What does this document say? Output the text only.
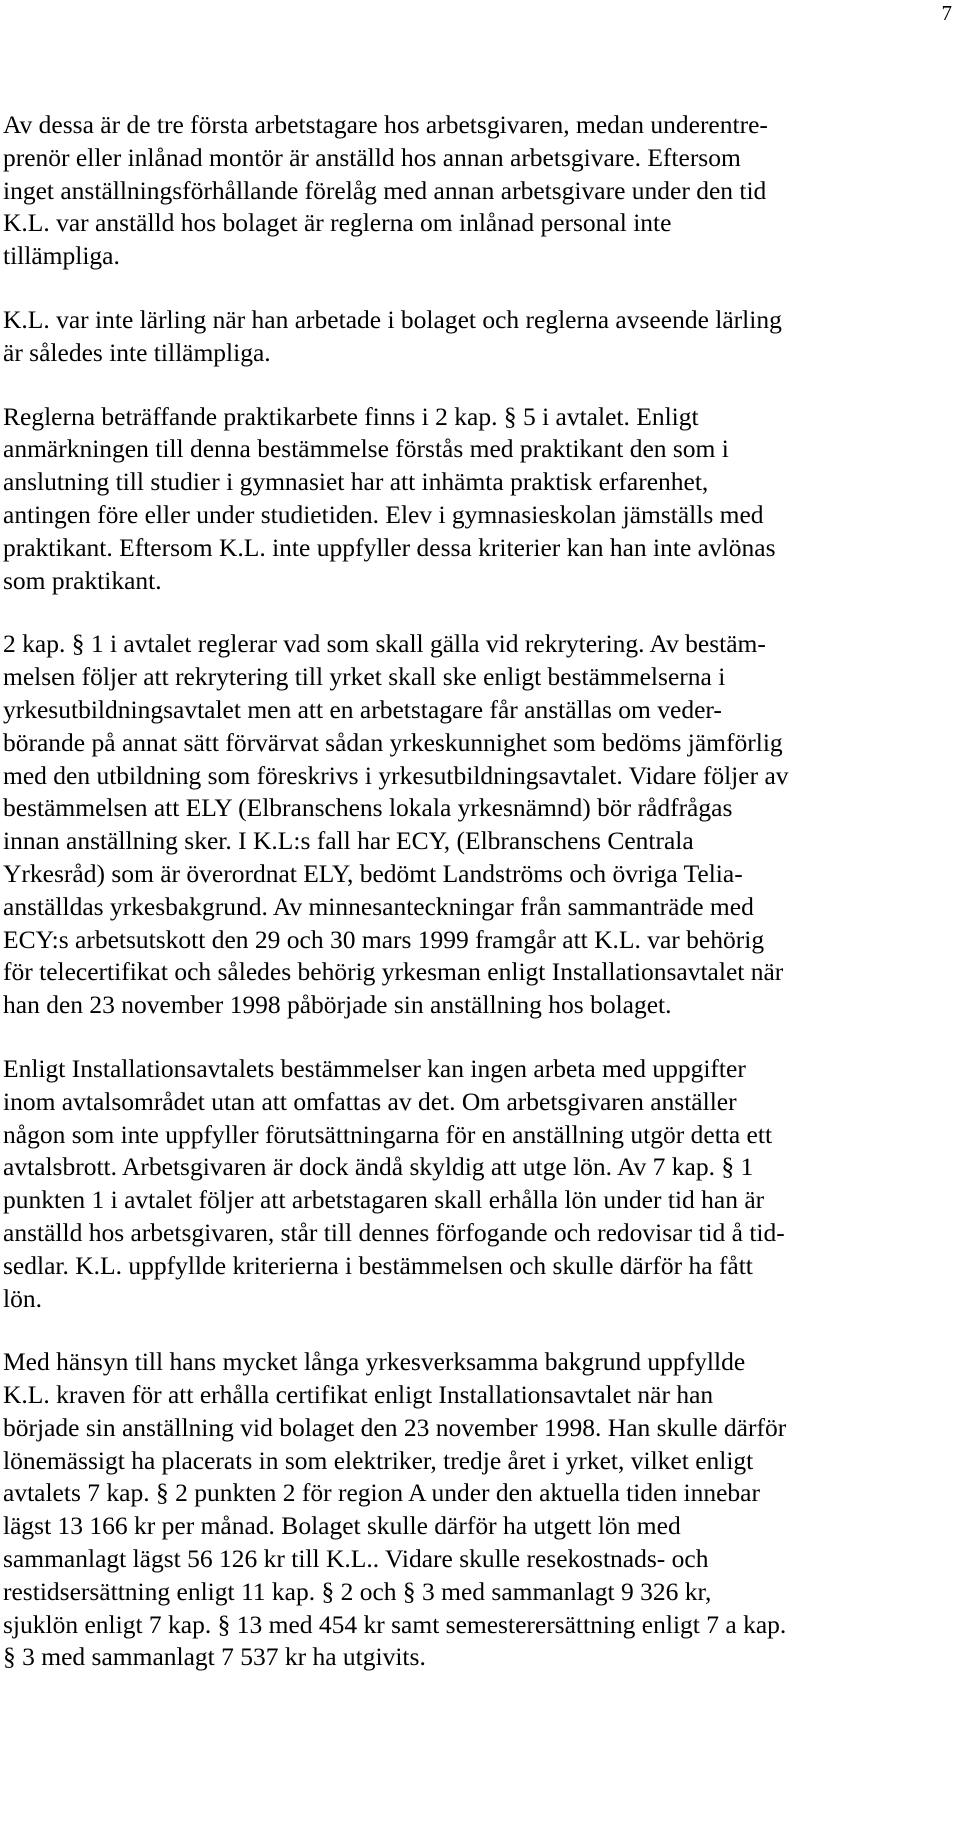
7

Av dessa är de tre första arbetstagare hos arbetsgivaren, medan underentre-
prenör eller inlånad montör är anställd hos annan arbetsgivare. Eftersom
inget anställningsförhållande förelåg med annan arbetsgivare under den tid
K.L. var anställd hos bolaget är reglerna om inlånad personal inte
tillämpliga.

K.L. var inte lärling när han arbetade i bolaget och reglerna avseende lärling
är således inte tillämpliga.

Reglerna beträffande praktikarbete finns i 2 kap. § 5 i avtalet. Enligt
anmärkningen till denna bestämmelse förstås med praktikant den som i
anslutning till studier i gymnasiet har att inhämta praktisk erfarenhet,
antingen före eller under studietiden. Elev i gymnasieskolan jämställs med
praktikant. Eftersom K.L. inte uppfyller dessa kriterier kan han inte avlönas
som praktikant.

2 kap. § 1 i avtalet reglerar vad som skall gälla vid rekrytering. Av bestäm-
melsen följer att rekrytering till yrket skall ske enligt bestämmelserna i
yrkesutbildningsavtalet men att en arbetstagare får anställas om veder-
börande på annat sätt förvärvat sådan yrkeskunnighet som bedöms jämförlig
med den utbildning som föreskrivs i yrkesutbildningsavtalet. Vidare följer av
bestämmelsen att ELY (Elbranschens lokala yrkesnämnd) bör rådfrågas
innan anställning sker. I K.L:s fall har ECY, (Elbranschens Centrala
Yrkesråd) som är överordnat ELY, bedömt Landströms och övriga Telia-
anställdas yrkesbakgrund. Av minnesanteckningar från sammanträde med
ECY:s arbetsutskott den 29 och 30 mars 1999 framgår att K.L. var behörig
för telecertifikat och således behörig yrkesman enligt Installationsavtalet när
han den 23 november 1998 påbörjade sin anställning hos bolaget.

Enligt Installationsavtalets bestämmelser kan ingen arbeta med uppgifter
inom avtalsområdet utan att omfattas av det. Om arbetsgivaren anställer
någon som inte uppfyller förutsättningarna för en anställning utgör detta ett
avtalsbrott. Arbetsgivaren är dock ändå skyldig att utge lön. Av 7 kap. § 1
punkten 1 i avtalet följer att arbetstagaren skall erhålla lön under tid han är
anställd hos arbetsgivaren, står till dennes förfogande och redovisar tid å tid-
sedlar. K.L. uppfyllde kriterierna i bestämmelsen och skulle därför ha fått
lön.

Med hänsyn till hans mycket långa yrkesverksamma bakgrund uppfyllde
K.L. kraven för att erhålla certifikat enligt Installationsavtalet när han
började sin anställning vid bolaget den 23 november 1998. Han skulle därför
lönemässigt ha placerats in som elektriker, tredje året i yrket, vilket enligt
avtalets 7 kap. § 2 punkten 2 för region A under den aktuella tiden innebar
lägst 13 166 kr per månad. Bolaget skulle därför ha utgett lön med
sammanlagt lägst 56 126 kr till K.L.. Vidare skulle resekostnads- och
restidsersättning enligt 11 kap. § 2 och § 3 med sammanlagt 9 326 kr,
sjuklön enligt 7 kap. § 13 med 454 kr samt semesterersättning enligt 7 a kap.
§ 3 med sammanlagt 7 537 kr ha utgivits.
